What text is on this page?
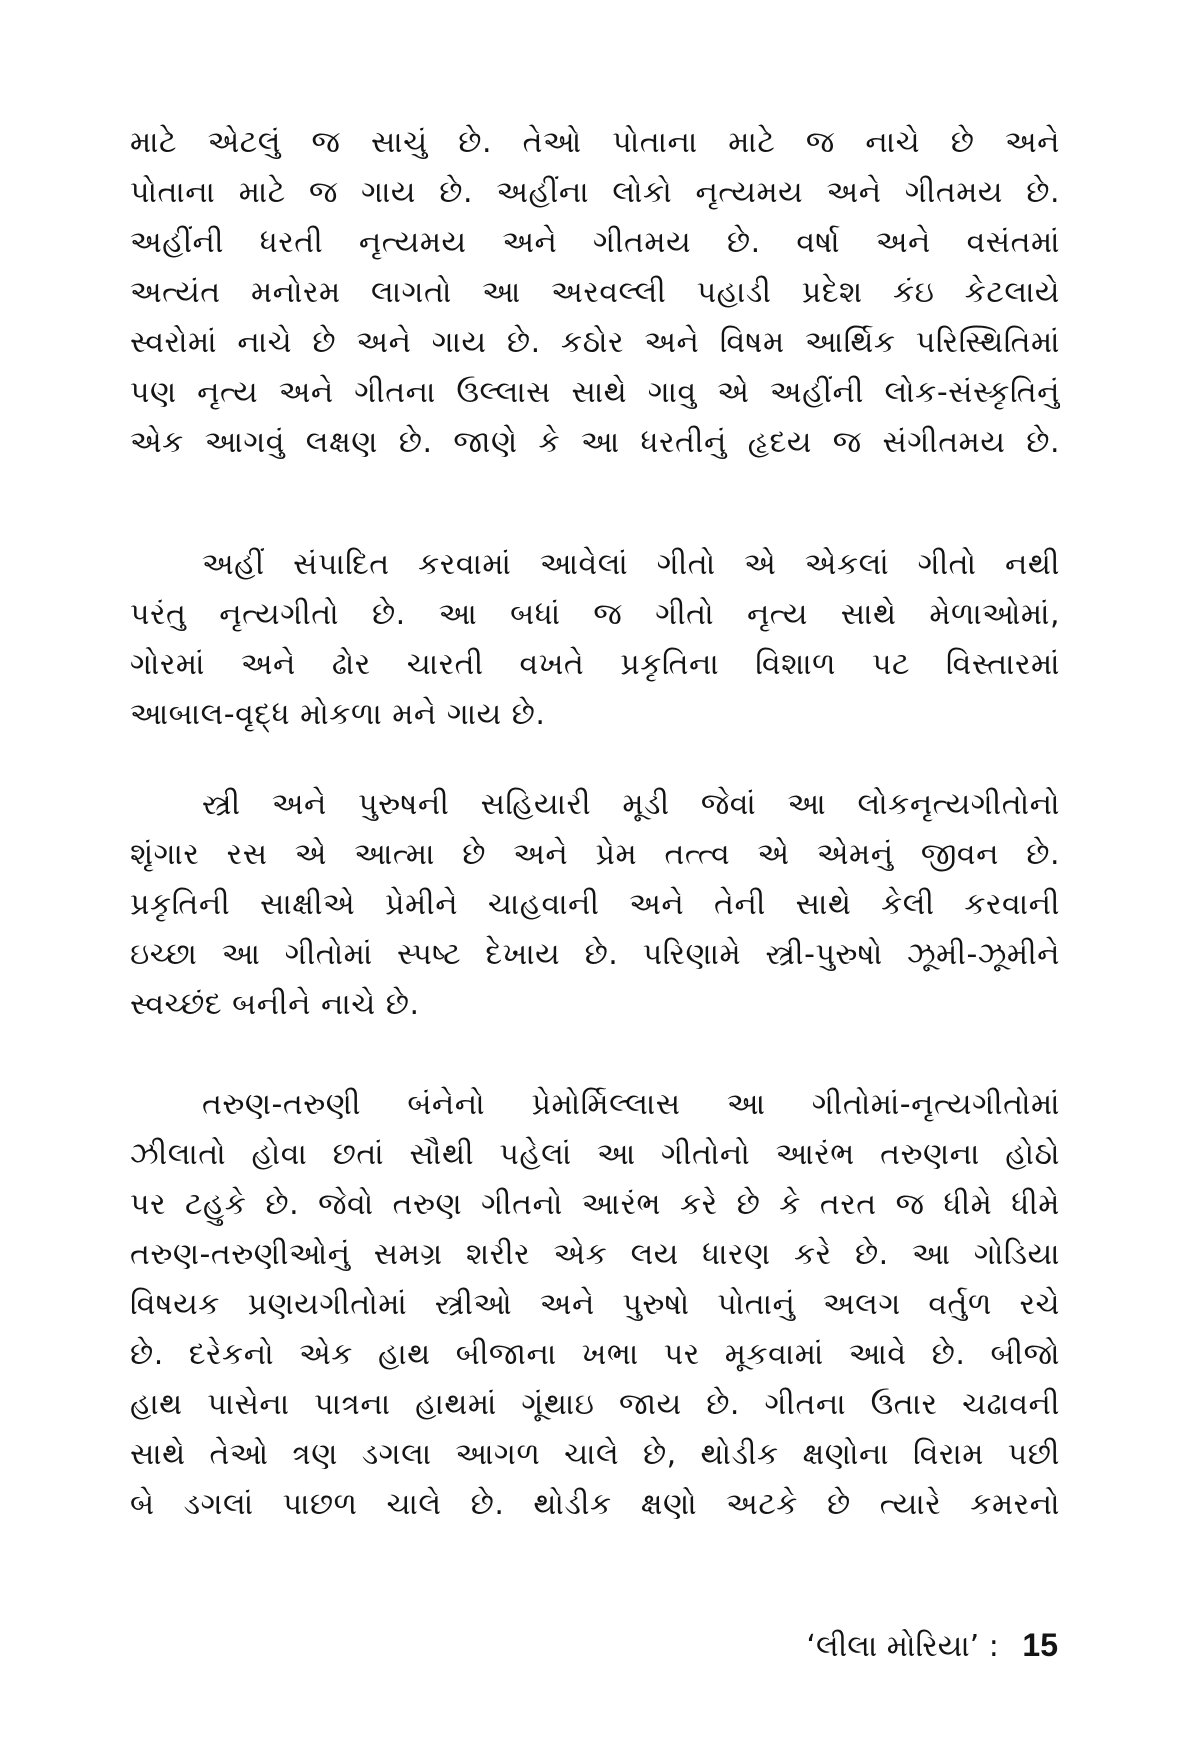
માટે એટલું જ સાચું છે. તેઓ પોતાના માટે જ નાચે છે અને
પોતાના માટે જ ગાય છે. અહીંના લોકો નૃત્યમય અને ગીતમય છે.
અહીંની ધરતી નૃત્યમય અને ગીતમય છે. વર્ષા અને વસંતમાં
અત્યંત મનોરમ લાગતો આ અરવલ્લી પહાડી પ્રદેશ કંઇ કેટલાયે
સ્વરોમાં નાચે છે અને ગાય છે. કઠોર અને વિષમ આર્થિક પરિસ્થિતિમાં
પણ નૃત્ય અને ગીતના ઉલ્લાસ સાથે ગાવુ એ અહીંની લોક-સંસ્કૃતિનું
એક આગવું લક્ષણ છે. જાણે કે આ ધરતીનું હૃદય જ સંગીતમય છે.
અહીં સંપાદિત કરવામાં આવેલાં ગીતો એ એકલાં ગીતો નથી
પરંતુ નૃત્યગીતો છે. આ બધાં જ ગીતો નૃત્ય સાથે મેળાઓમાં,
ગોરમાં અને ઢોર ચારતી વખતે પ્રકૃતિના વિશાળ પટ વિસ્તારમાં
આબાલ-વૃદ્ધ મોકળા મને ગાય છે.
સ્ત્રી અને પુરુષની સહિયારી મૂડી જેવાં આ લોકનૃત્યગીતોનો
શૃંગાર રસ એ આત્મા છે અને પ્રેમ તત્ત્વ એ એમનું જીવન છે.
પ્રકૃતિની સાક્ષીએ પ્રેમીને ચાહવાની અને તેની સાથે કેલી કરવાની
ઇચ્છા આ ગીતોમાં સ્પષ્ટ દેખાય છે. પરિણામે સ્ત્રી-પુરુષો ઝૂમી-ઝૂમીને
સ્વચ્છંદ બનીને નાચે છે.
તરુણ-તરુણી બંનેનો પ્રેમોર્મિલ્લાસ આ ગીતોમાં-નૃત્યગીતોમાં
ઝીલાતો હોવા છતાં સૌથી પહેલાં આ ગીતોનો આરંભ તરુણના હોઠો
પર ટહુકે છે. જેવો તરુણ ગીતનો આરંભ કરે છે કે તરત જ ધીમે ધીમે
તરુણ-તરુણીઓનું સમગ્ર શરીર એક લય ધારણ કરે છે. આ ગોડિયા
વિષયક પ્રણયગીતોમાં સ્ત્રીઓ અને પુરુષો પોતાનું અલગ વર્તુળ રચે
છે. દરેકનો એક હાથ બીજાના ખભા પર મૂકવામાં આવે છે. બીજો
હાથ પાસેના પાત્રના હાથમાં ગૂંથાઇ જાય છે. ગીતના ઉતાર ચઢાવની
સાથે તેઓ ત્રણ ડગલા આગળ ચાલે છે, થોડીક ક્ષણોના વિરામ પછી
બે ડગલાં પાછળ ચાલે છે. થોડીક ક્ષણો અટકે છે ત્યારે કમરનો
‘લીલા મોરિયા’ : 15
